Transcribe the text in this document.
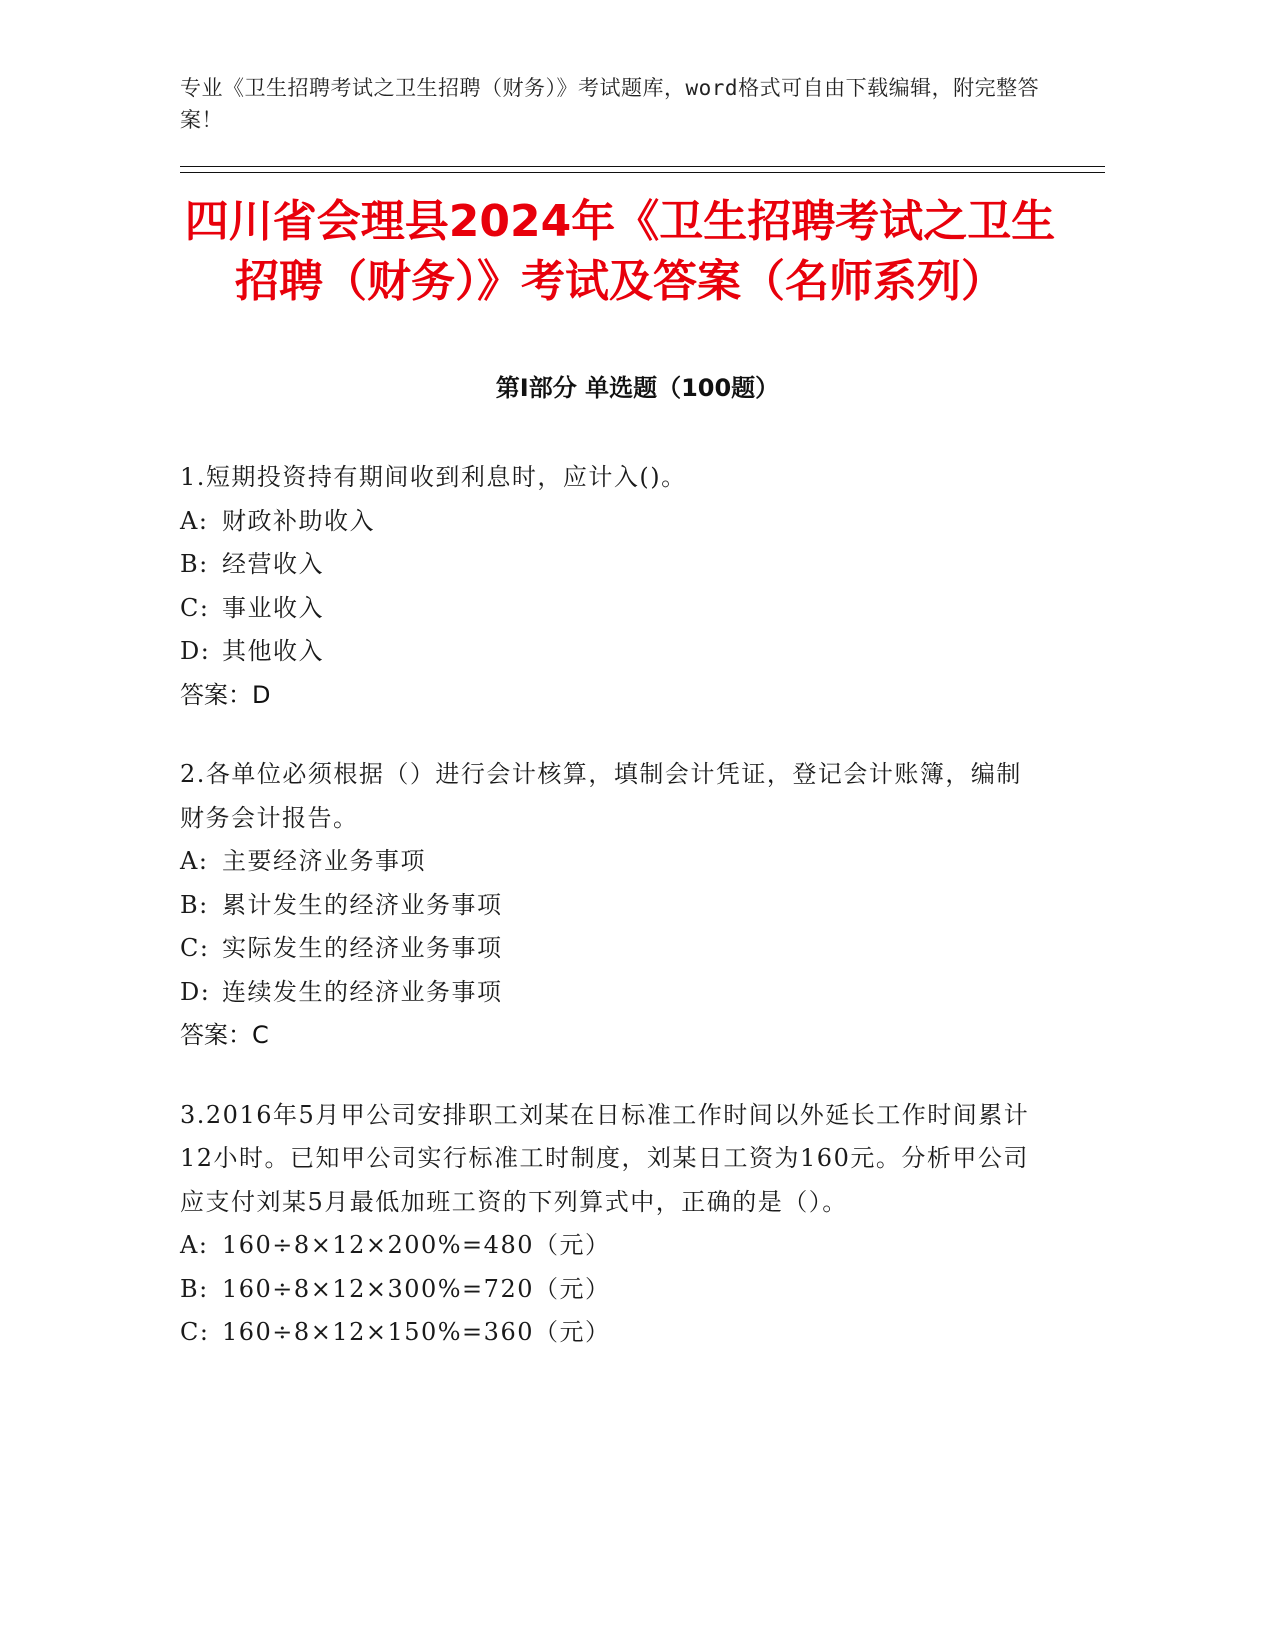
专业《卫生招聘考试之卫生招聘（财务）》考试题库，word格式可自由下载编辑，附完整答案！
四川省会理县2024年《卫生招聘考试之卫生招聘（财务）》考试及答案（名师系列）
第Ⅰ部分 单选题（100题）
1.短期投资持有期间收到利息时，应计入()。
A: 财政补助收入
B: 经营收入
C: 事业收入
D: 其他收入
答案：D
2.各单位必须根据（）进行会计核算，填制会计凭证，登记会计账簿，编制财务会计报告。
A: 主要经济业务事项
B: 累计发生的经济业务事项
C: 实际发生的经济业务事项
D: 连续发生的经济业务事项
答案：C
3.2016年5月甲公司安排职工刘某在日标准工作时间以外延长工作时间累计12小时。已知甲公司实行标准工时制度，刘某日工资为160元。分析甲公司应支付刘某5月最低加班工资的下列算式中，正确的是（）。
A: 160÷8×12×200%=480（元）
B: 160÷8×12×300%=720（元）
C: 160÷8×12×150%=360（元）
